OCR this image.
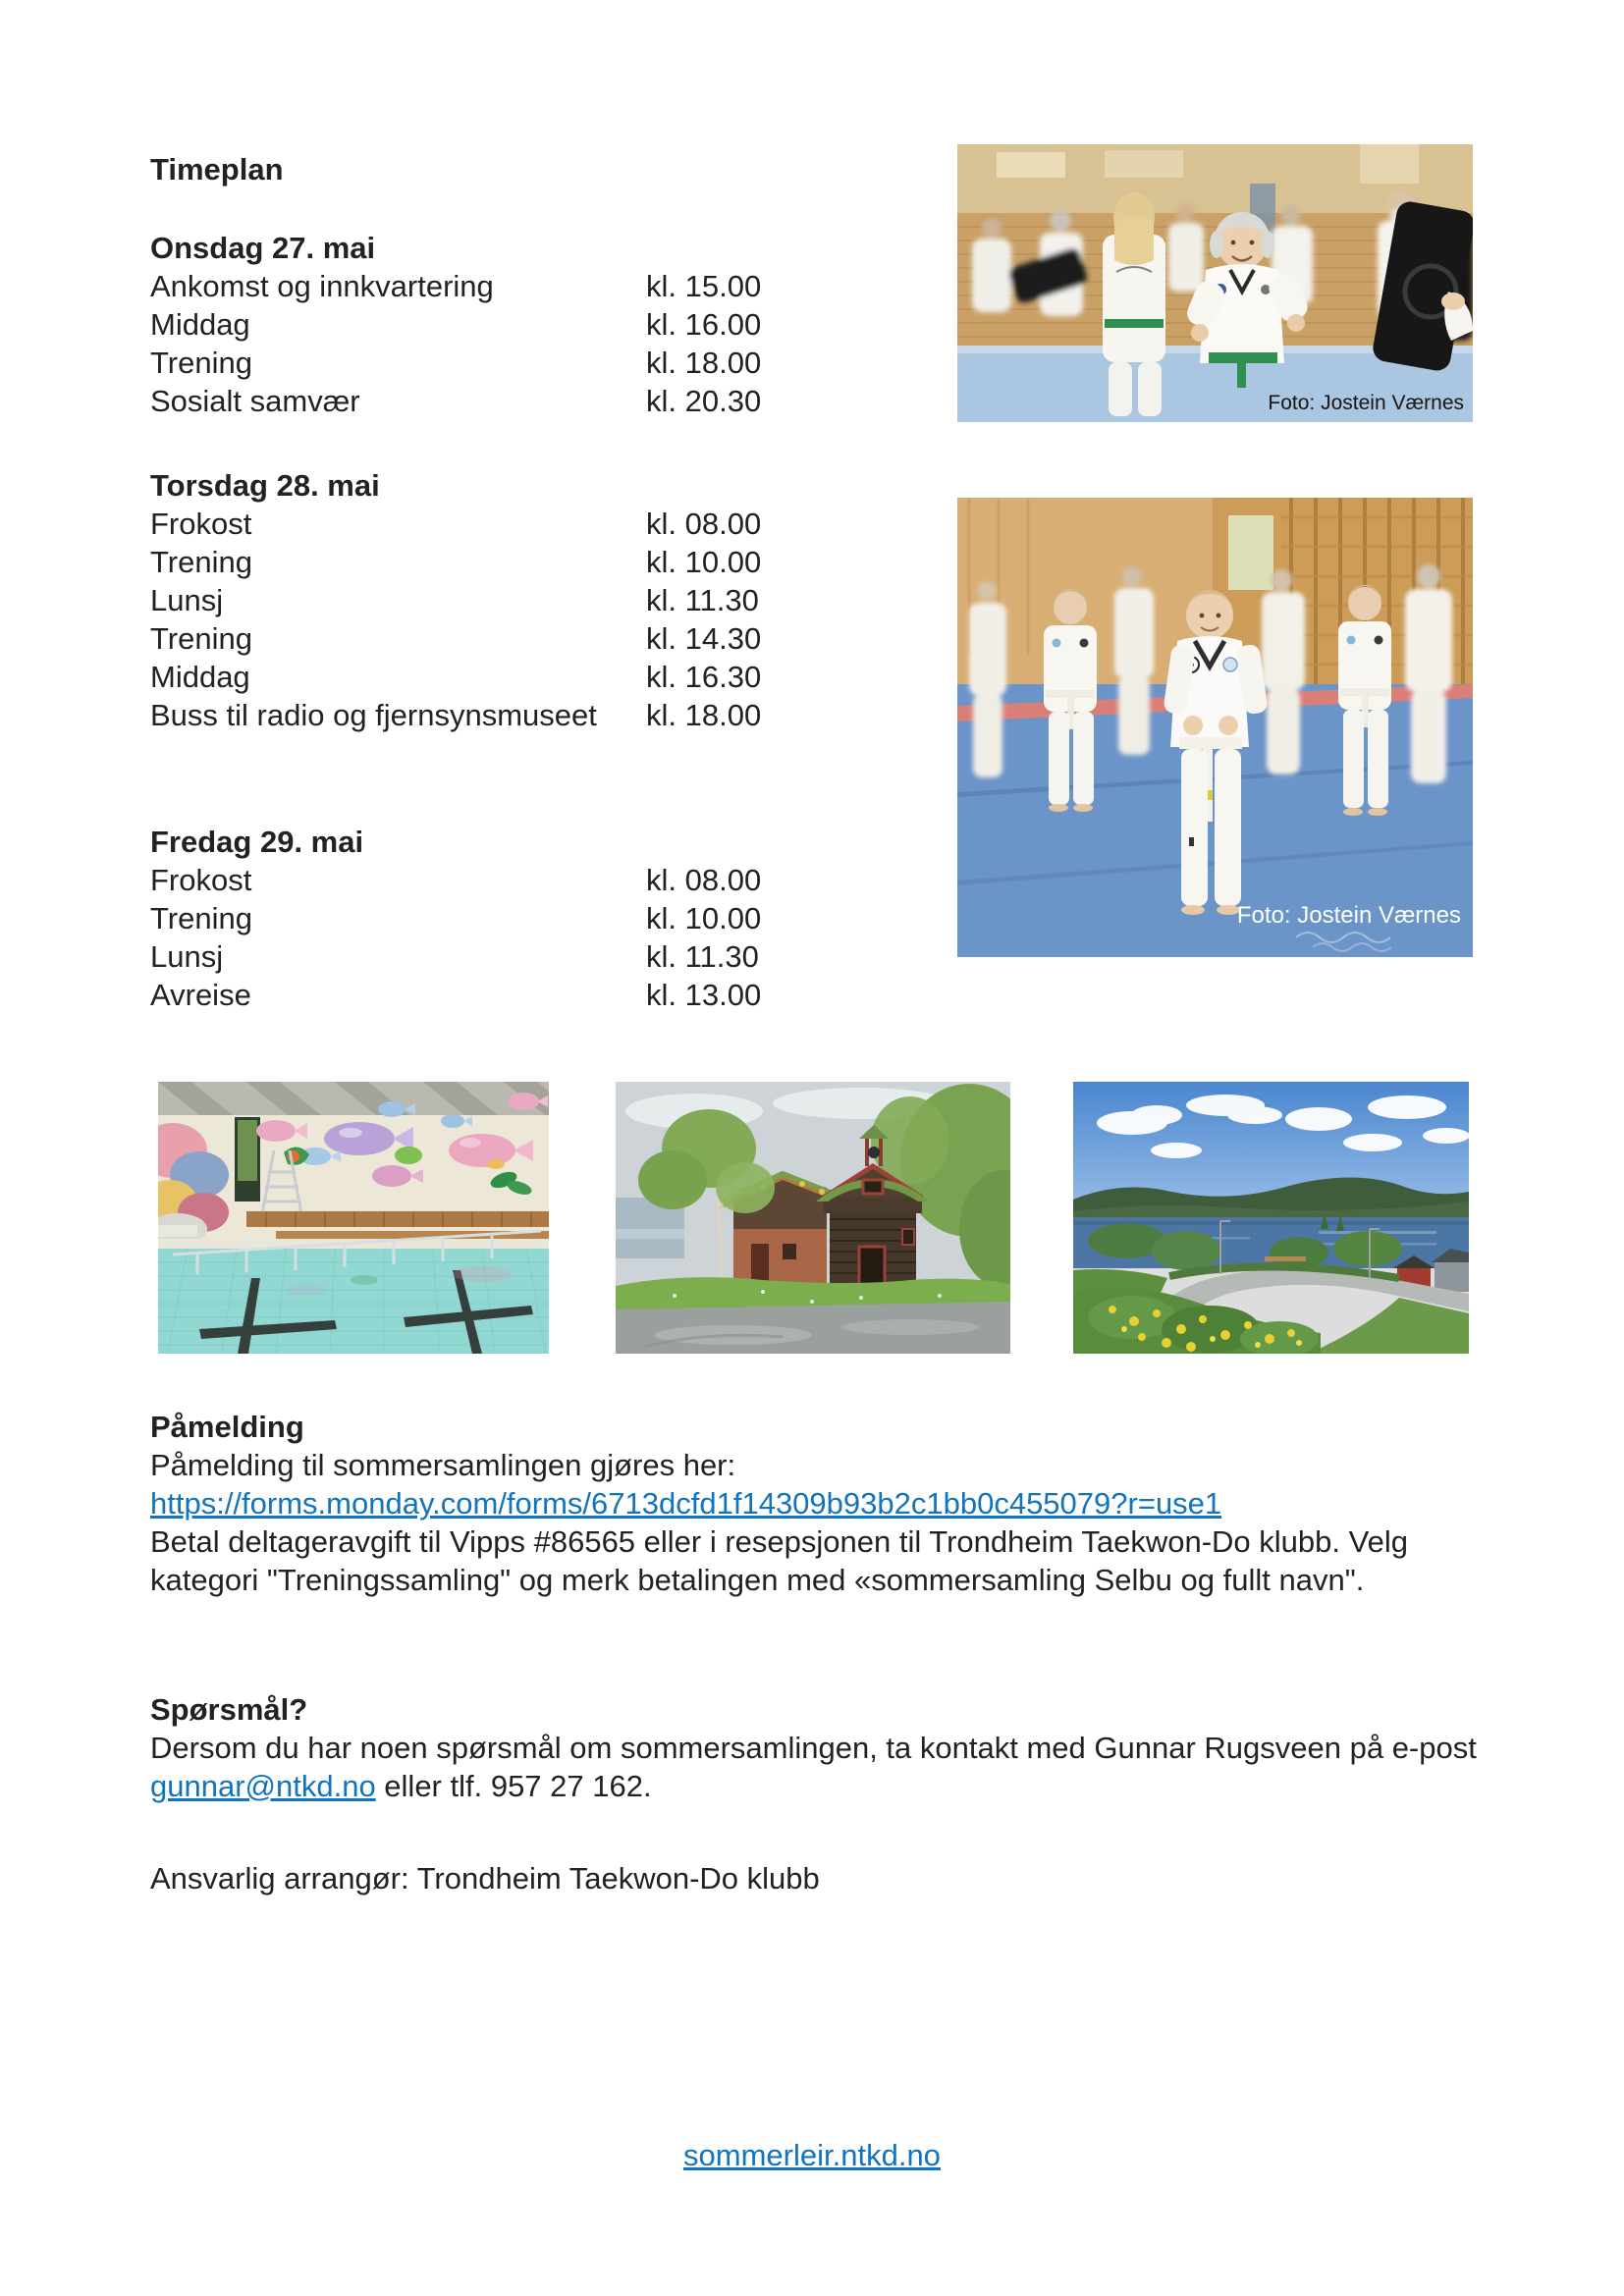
Timeplan
Onsdag 27. mai
Ankomst og innkvartering	kl. 15.00
Middag	kl. 16.00
Trening	kl. 18.00
Sosialt samvær	kl. 20.30
Torsdag 28. mai
Frokost	kl. 08.00
Trening	kl. 10.00
Lunsj	kl. 11.30
Trening	kl. 14.30
Middag	kl. 16.30
Buss til radio og fjernsynsmuseet	kl. 18.00
Fredag 29. mai
Frokost	kl. 08.00
Trening	kl. 10.00
Lunsj	kl. 11.30
Avreise	kl. 13.00
Foto: Jostein Værnes
Foto: Jostein Værnes
Påmelding
Påmelding til sommersamlingen gjøres her:
https://forms.monday.com/forms/6713dcfd1f14309b93b2c1bb0c455079?r=use1
Betal deltageravgift til Vipps #86565 eller i resepsjonen til Trondheim Taekwon-Do klubb. Velg kategori "Treningssamling" og merk betalingen med «sommersamling Selbu og fullt navn".
Spørsmål?
Dersom du har noen spørsmål om sommersamlingen, ta kontakt med Gunnar Rugsveen på e-post gunnar@ntkd.no eller tlf. 957 27 162.
Ansvarlig arrangør: Trondheim Taekwon-Do klubb
sommerleir.ntkd.no
